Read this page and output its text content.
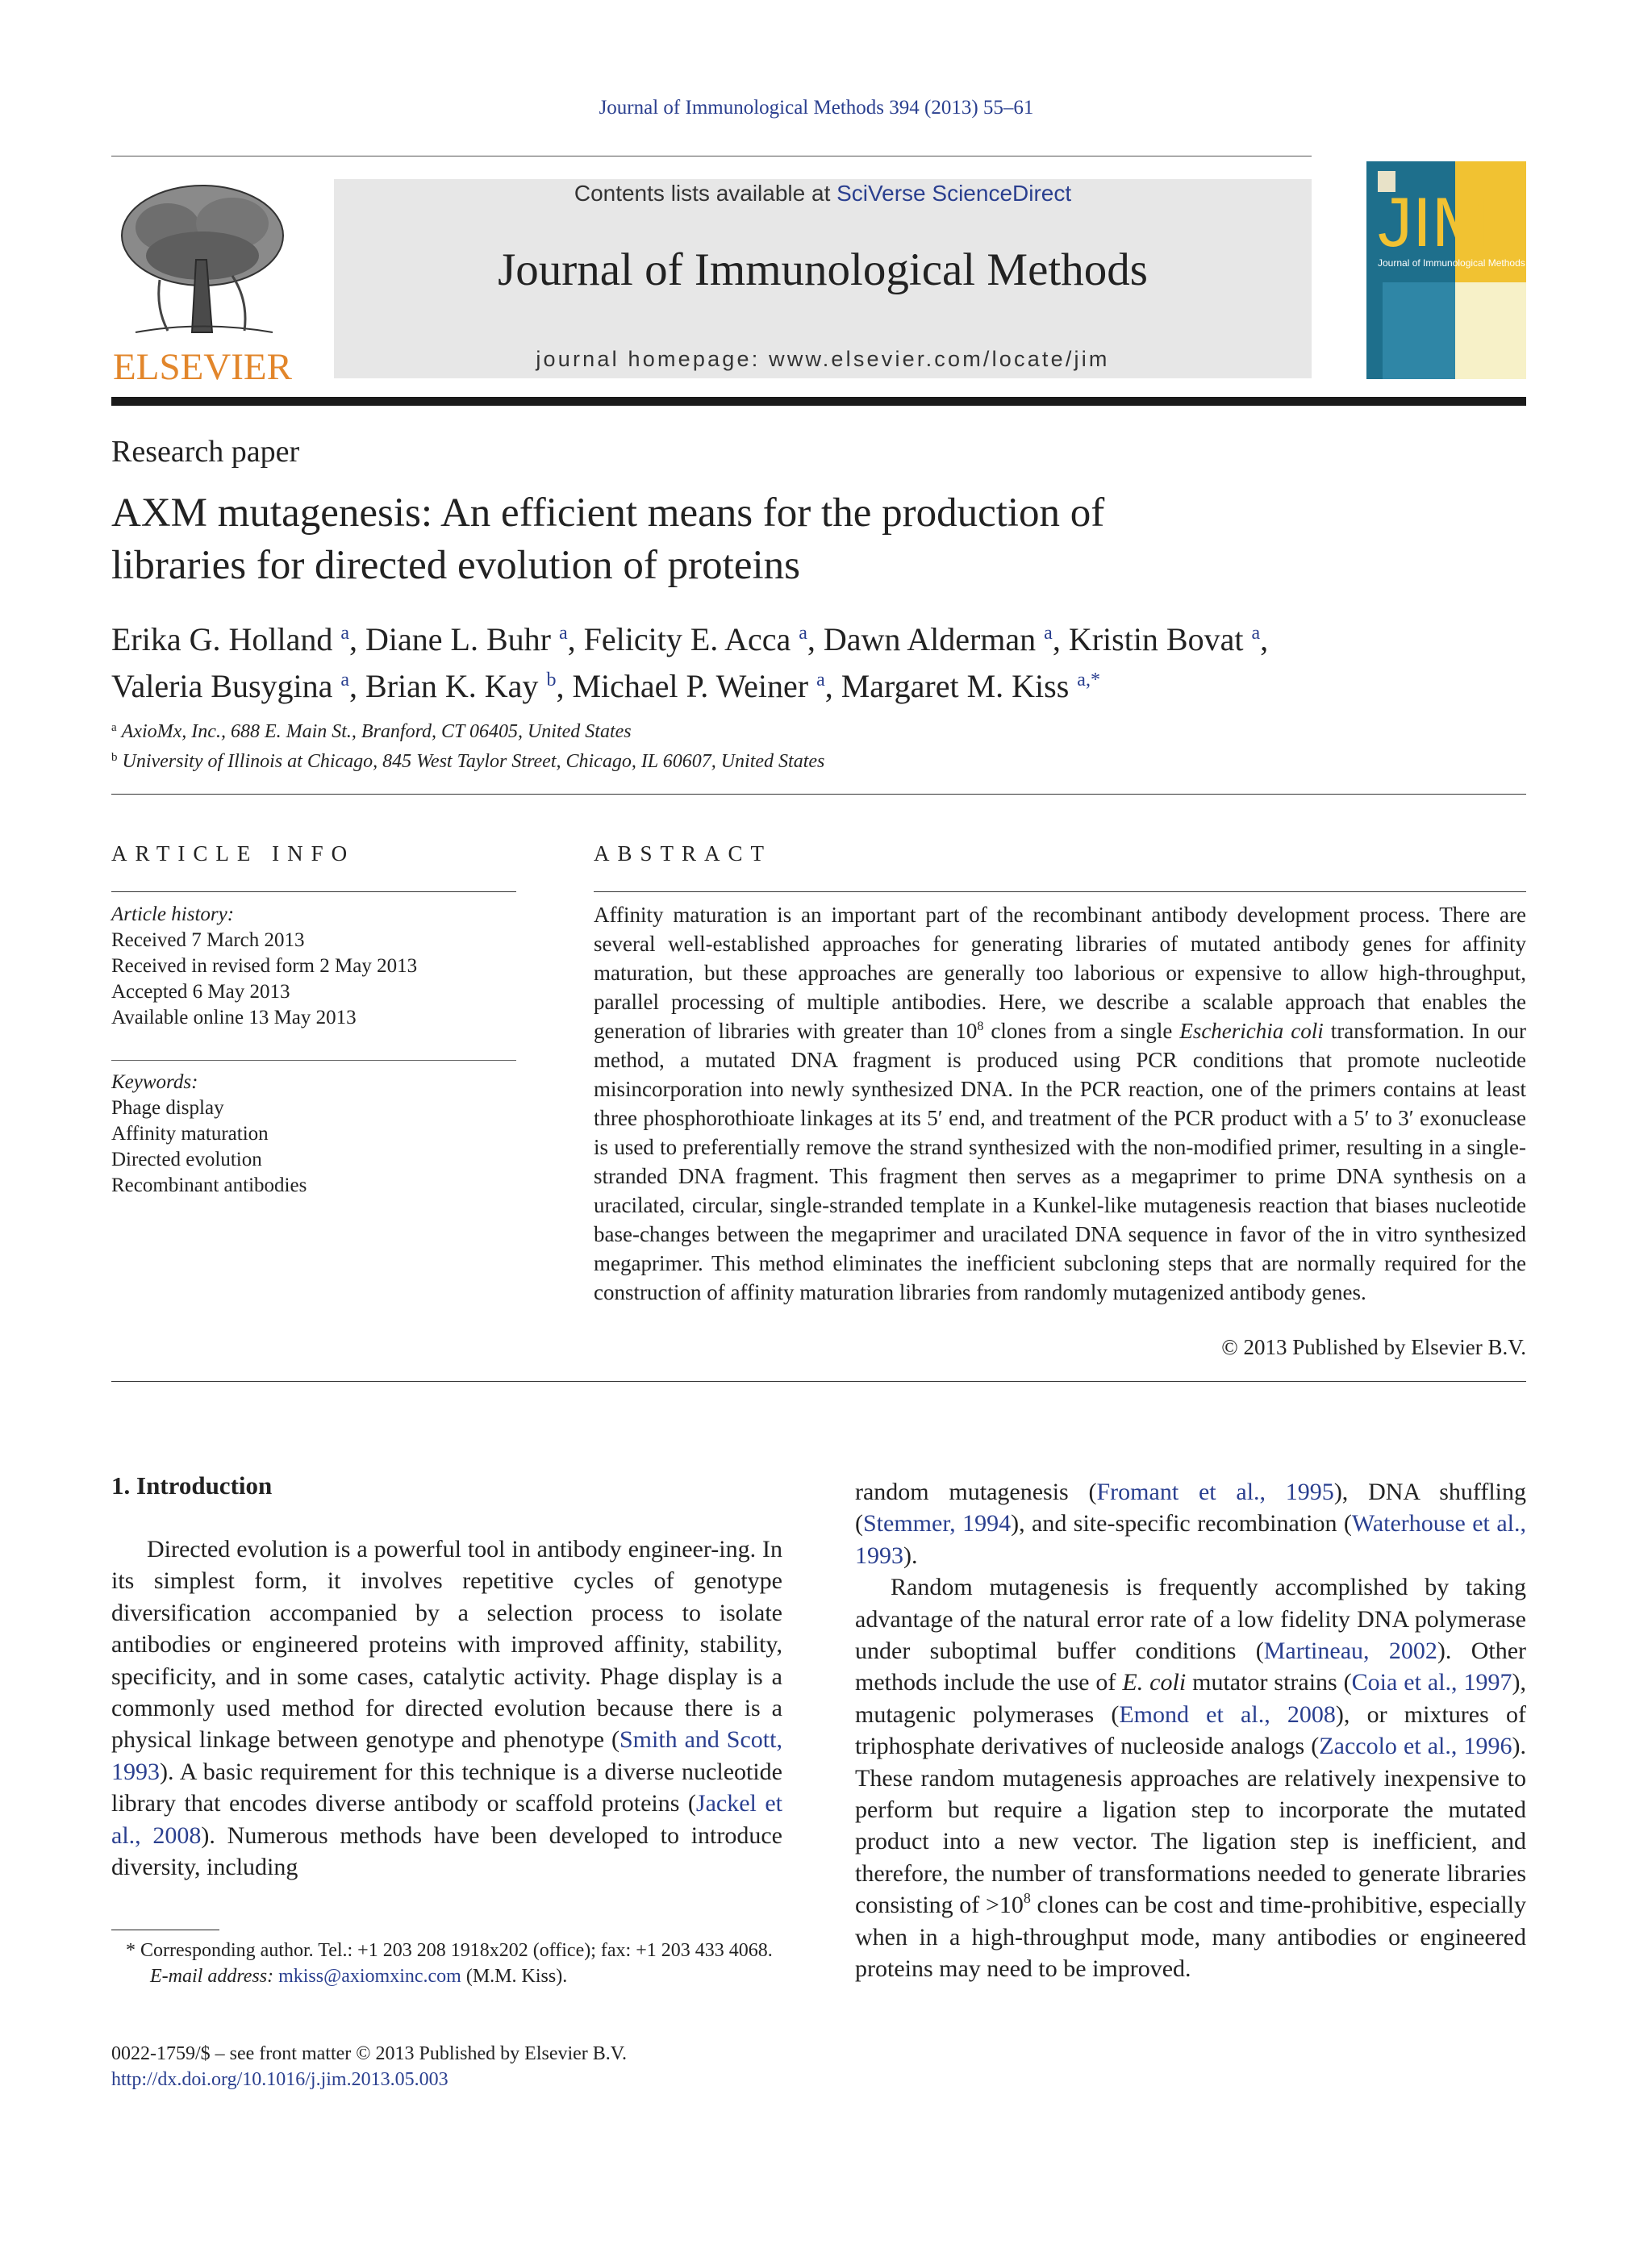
Journal of Immunological Methods 394 (2013) 55–61
ELSEVIER
Contents lists available at SciVerse ScienceDirect
Journal of Immunological Methods
journal homepage: www.elsevier.com/locate/jim
JIM
Journal of Immunological Methods
Research paper
AXM mutagenesis: An efficient means for the production of
libraries for directed evolution of proteins
Erika G. Holland $^a$, Diane L. Buhr $^a$, Felicity E. Acca $^a$, Dawn Alderman $^a$, Kristin Bovat $^a$,
Valeria Busygina $^a$, Brian K. Kay $^b$, Michael P. Weiner $^a$, Margaret M. Kiss $^{a,*}$
$^a$ AxioMx, Inc., 688 E. Main St., Branford, CT 06405, United States
$^b$ University of Illinois at Chicago, 845 West Taylor Street, Chicago, IL 60607, United States
ARTICLE INFO	ABSTRACT
Article history:
Received 7 March 2013
Received in revised form 2 May 2013
Accepted 6 May 2013
Available online 13 May 2013
Keywords:
Phage display
Affinity maturation
Directed evolution
Recombinant antibodies
Affinity maturation is an important part of the recombinant antibody development process. There are several well-established approaches for generating libraries of mutated antibody genes for affinity maturation, but these approaches are generally too laborious or expensive to allow high-throughput, parallel processing of multiple antibodies. Here, we describe a scalable approach that enables the generation of libraries with greater than $10^8$ clones from a single Escherichia coli transformation. In our method, a mutated DNA fragment is produced using PCR conditions that promote nucleotide misincorporation into newly synthesized DNA. In the PCR reaction, one of the primers contains at least three phosphorothioate linkages at its 5′ end, and treatment of the PCR product with a 5′ to 3′ exonuclease is used to preferentially remove the strand synthesized with the non-modified primer, resulting in a single-stranded DNA fragment. This fragment then serves as a megaprimer to prime DNA synthesis on a uracilated, circular, single-stranded template in a Kunkel-like mutagenesis reaction that biases nucleotide base-changes between the megaprimer and uracilated DNA sequence in favor of the in vitro synthesized megaprimer. This method eliminates the inefficient subcloning steps that are normally required for the construction of affinity maturation libraries from randomly mutagenized antibody genes.
© 2013 Published by Elsevier B.V.
1. Introduction

Directed evolution is a powerful tool in antibody engineer-ing. In its simplest form, it involves repetitive cycles of genotype diversification accompanied by a selection process to isolate antibodies or engineered proteins with improved affinity, stability, specificity, and in some cases, catalytic activity. Phage display is a commonly used method for directed evolution because there is a physical linkage between genotype and phenotype (Smith and Scott, 1993). A basic requirement for this technique is a diverse nucleotide library that encodes diverse antibody or scaffold proteins (Jackel et al., 2008). Numerous methods have been developed to introduce diversity, including

random mutagenesis (Fromant et al., 1995), DNA shuffling (Stemmer, 1994), and site-specific recombination (Waterhouse et al., 1993).

Random mutagenesis is frequently accomplished by taking advantage of the natural error rate of a low fidelity DNA polymerase under suboptimal buffer conditions (Martineau, 2002). Other methods include the use of E. coli mutator strains (Coia et al., 1997), mutagenic polymerases (Emond et al., 2008), or mixtures of triphosphate derivatives of nucleoside analogs (Zaccolo et al., 1996). These random mutagenesis approaches are relatively inexpensive to perform but require a ligation step to incorporate the mutated product into a new vector. The ligation step is inefficient, and therefore, the number of transformations needed to generate libraries consisting of $>10^8$ clones can be cost and time-prohibitive, especially when in a high-throughput mode, many antibodies or engineered proteins may need to be improved.

* Corresponding author. Tel.: +1 203 208 1918x202 (office); fax: +1 203 433 4068.
E-mail address: mkiss@axiomxinc.com (M.M. Kiss).
0022-1759/$ – see front matter © 2013 Published by Elsevier B.V.
http://dx.doi.org/10.1016/j.jim.2013.05.003
